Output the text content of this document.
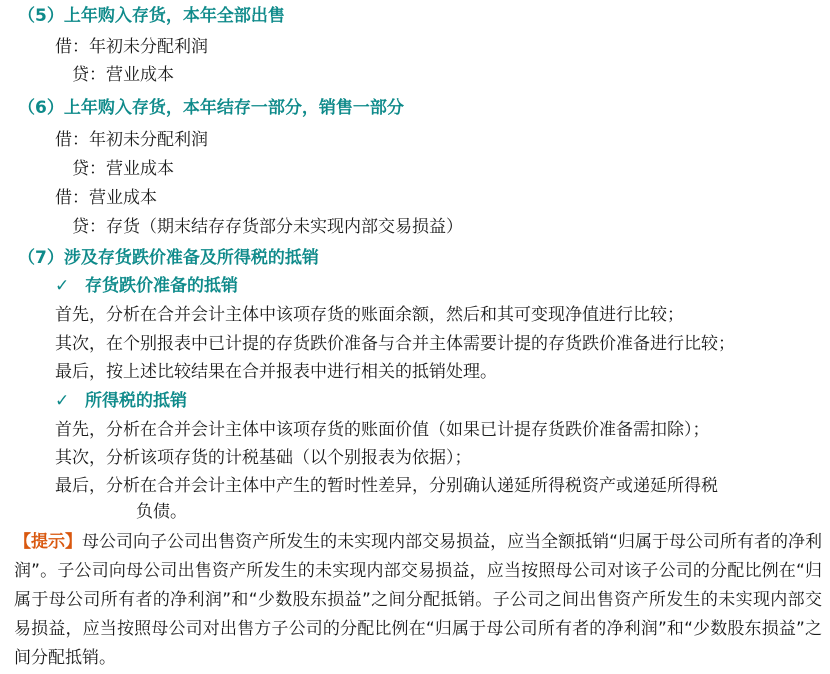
（5）上年购入存货，本年全部出售
借：年初未分配利润
贷：营业成本
（6）上年购入存货，本年结存一部分，销售一部分
借：年初未分配利润
贷：营业成本
借：营业成本
贷：存货（期末结存存货部分未实现内部交易损益）
（7）涉及存货跌价准备及所得税的抵销
✓ 存货跌价准备的抵销
首先，分析在合并会计主体中该项存货的账面余额，然后和其可变现净值进行比较；
其次，在个别报表中已计提的存货跌价准备与合并主体需要计提的存货跌价准备进行比较；
最后，按上述比较结果在合并报表中进行相关的抵销处理。
✓ 所得税的抵销
首先，分析在合并会计主体中该项存货的账面价值（如果已计提存货跌价准备需扣除）；
其次，分析该项存货的计税基础（以个别报表为依据）；
最后，分析在合并会计主体中产生的暂时性差异，分别确认递延所得税资产或递延所得税
负债。
【提示】母公司向子公司出售资产所发生的未实现内部交易损益，应当全额抵销“归属于母公司所有者的净利润”。子公司向母公司出售资产所发生的未实现内部交易损益，应当按照母公司对该子公司的分配比例在“归属于母公司所有者的净利润”和“少数股东损益”之间分配抵销。子公司之间出售资产所发生的未实现内部交易损益，应当按照母公司对出售方子公司的分配比例在“归属于母公司所有者的净利润”和“少数股东损益”之间分配抵销。
